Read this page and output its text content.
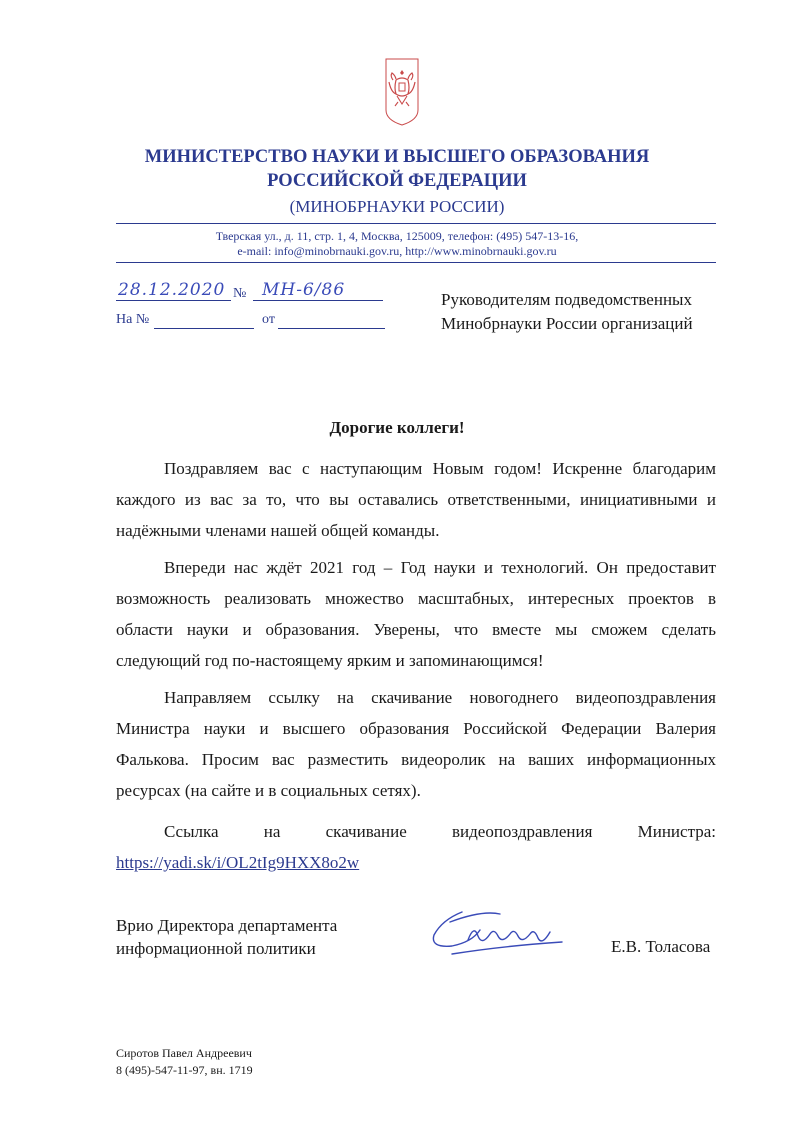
МИНИСТЕРСТВО НАУКИ И ВЫСШЕГО ОБРАЗОВАНИЯ
РОССИЙСКОЙ ФЕДЕРАЦИИ
(МИНОБРНАУКИ РОССИИ)
Тверская ул., д. 11, стр. 1, 4, Москва, 125009, телефон: (495) 547-13-16,
e-mail: info@minobrnauki.gov.ru, http://www.minobrnauki.gov.ru
28.12.2020 № МН-6/86
На №	от
Руководителям подведомственных
Минобрнауки России организаций
Дорогие коллеги!
Поздравляем вас с наступающим Новым годом! Искренне благодарим каждого из вас за то, что вы оставались ответственными, инициативными и надёжными членами нашей общей команды.
Впереди нас ждёт 2021 год – Год науки и технологий. Он предоставит возможность реализовать множество масштабных, интересных проектов в области науки и образования. Уверены, что вместе мы сможем сделать следующий год по-настоящему ярким и запоминающимся!
Направляем ссылку на скачивание новогоднего видеопоздравления Министра науки и высшего образования Российской Федерации Валерия Фалькова. Просим вас разместить видеоролик на ваших информационных ресурсах (на сайте и в социальных сетях).
Ссылка	на	скачивание	видеопоздравления	Министра:
https://yadi.sk/i/OL2tIg9HXX8o2w
Врио Директора департамента
информационной политики	Е.В. Толасова
Сиротов Павел Андреевич
8 (495)-547-11-97, вн. 1719
